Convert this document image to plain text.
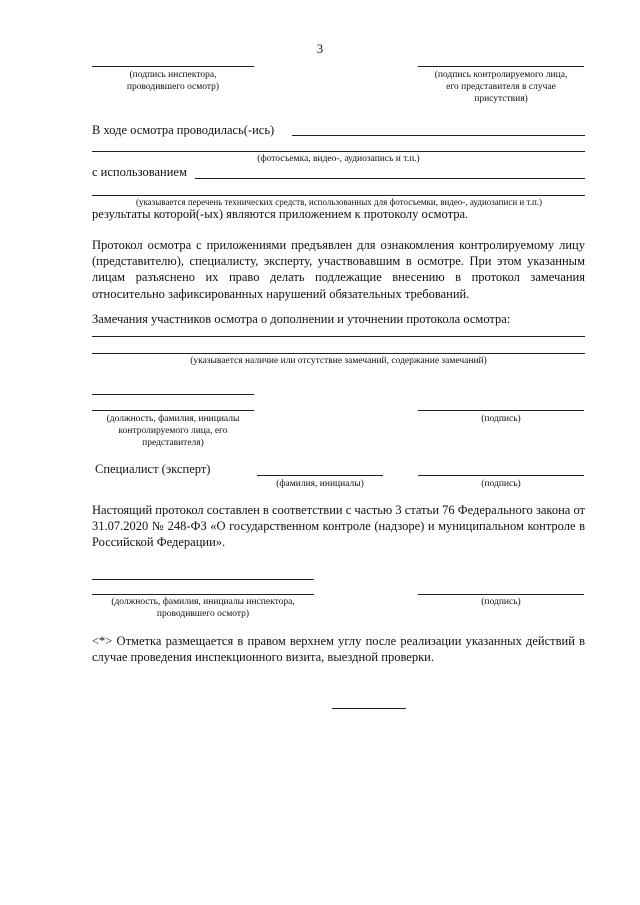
3
(подпись инспектора,
проводившего осмотр)
(подпись контролируемого лица,
его представителя в случае
присутствия)
В ходе осмотра проводилась(-ись)
(фотосъемка, видео-, аудиозапись и т.п.)
с использованием
(указывается перечень технических средств, использованных для фотосъемки, видео-, аудиозаписи и т.п.)
результаты которой(-ых) являются приложением к протоколу осмотра.
Протокол осмотра с приложениями предъявлен для ознакомления контролируемому лицу (представителю), специалисту, эксперту, участвовавшим в осмотре. При этом указанным лицам разъяснено их право делать подлежащие внесению в протокол замечания относительно зафиксированных нарушений обязательных требований.
Замечания участников осмотра о дополнении и уточнении протокола осмотра:
(указывается наличие или отсутствие замечаний, содержание замечаний)
(должность, фамилия, инициалы
контролируемого лица, его
представителя)
(подпись)
Специалист (эксперт)
(фамилия, инициалы)	(подпись)
Настоящий протокол составлен в соответствии с частью 3 статьи 76 Федерального закона от 31.07.2020 № 248-ФЗ «О государственном контроле (надзоре) и муниципальном контроле в Российской Федерации».
(должность, фамилия, инициалы инспектора,
проводившего осмотр)
(подпись)
<*> Отметка размещается в правом верхнем углу после реализации указанных действий в случае проведения инспекционного визита, выездной проверки.
